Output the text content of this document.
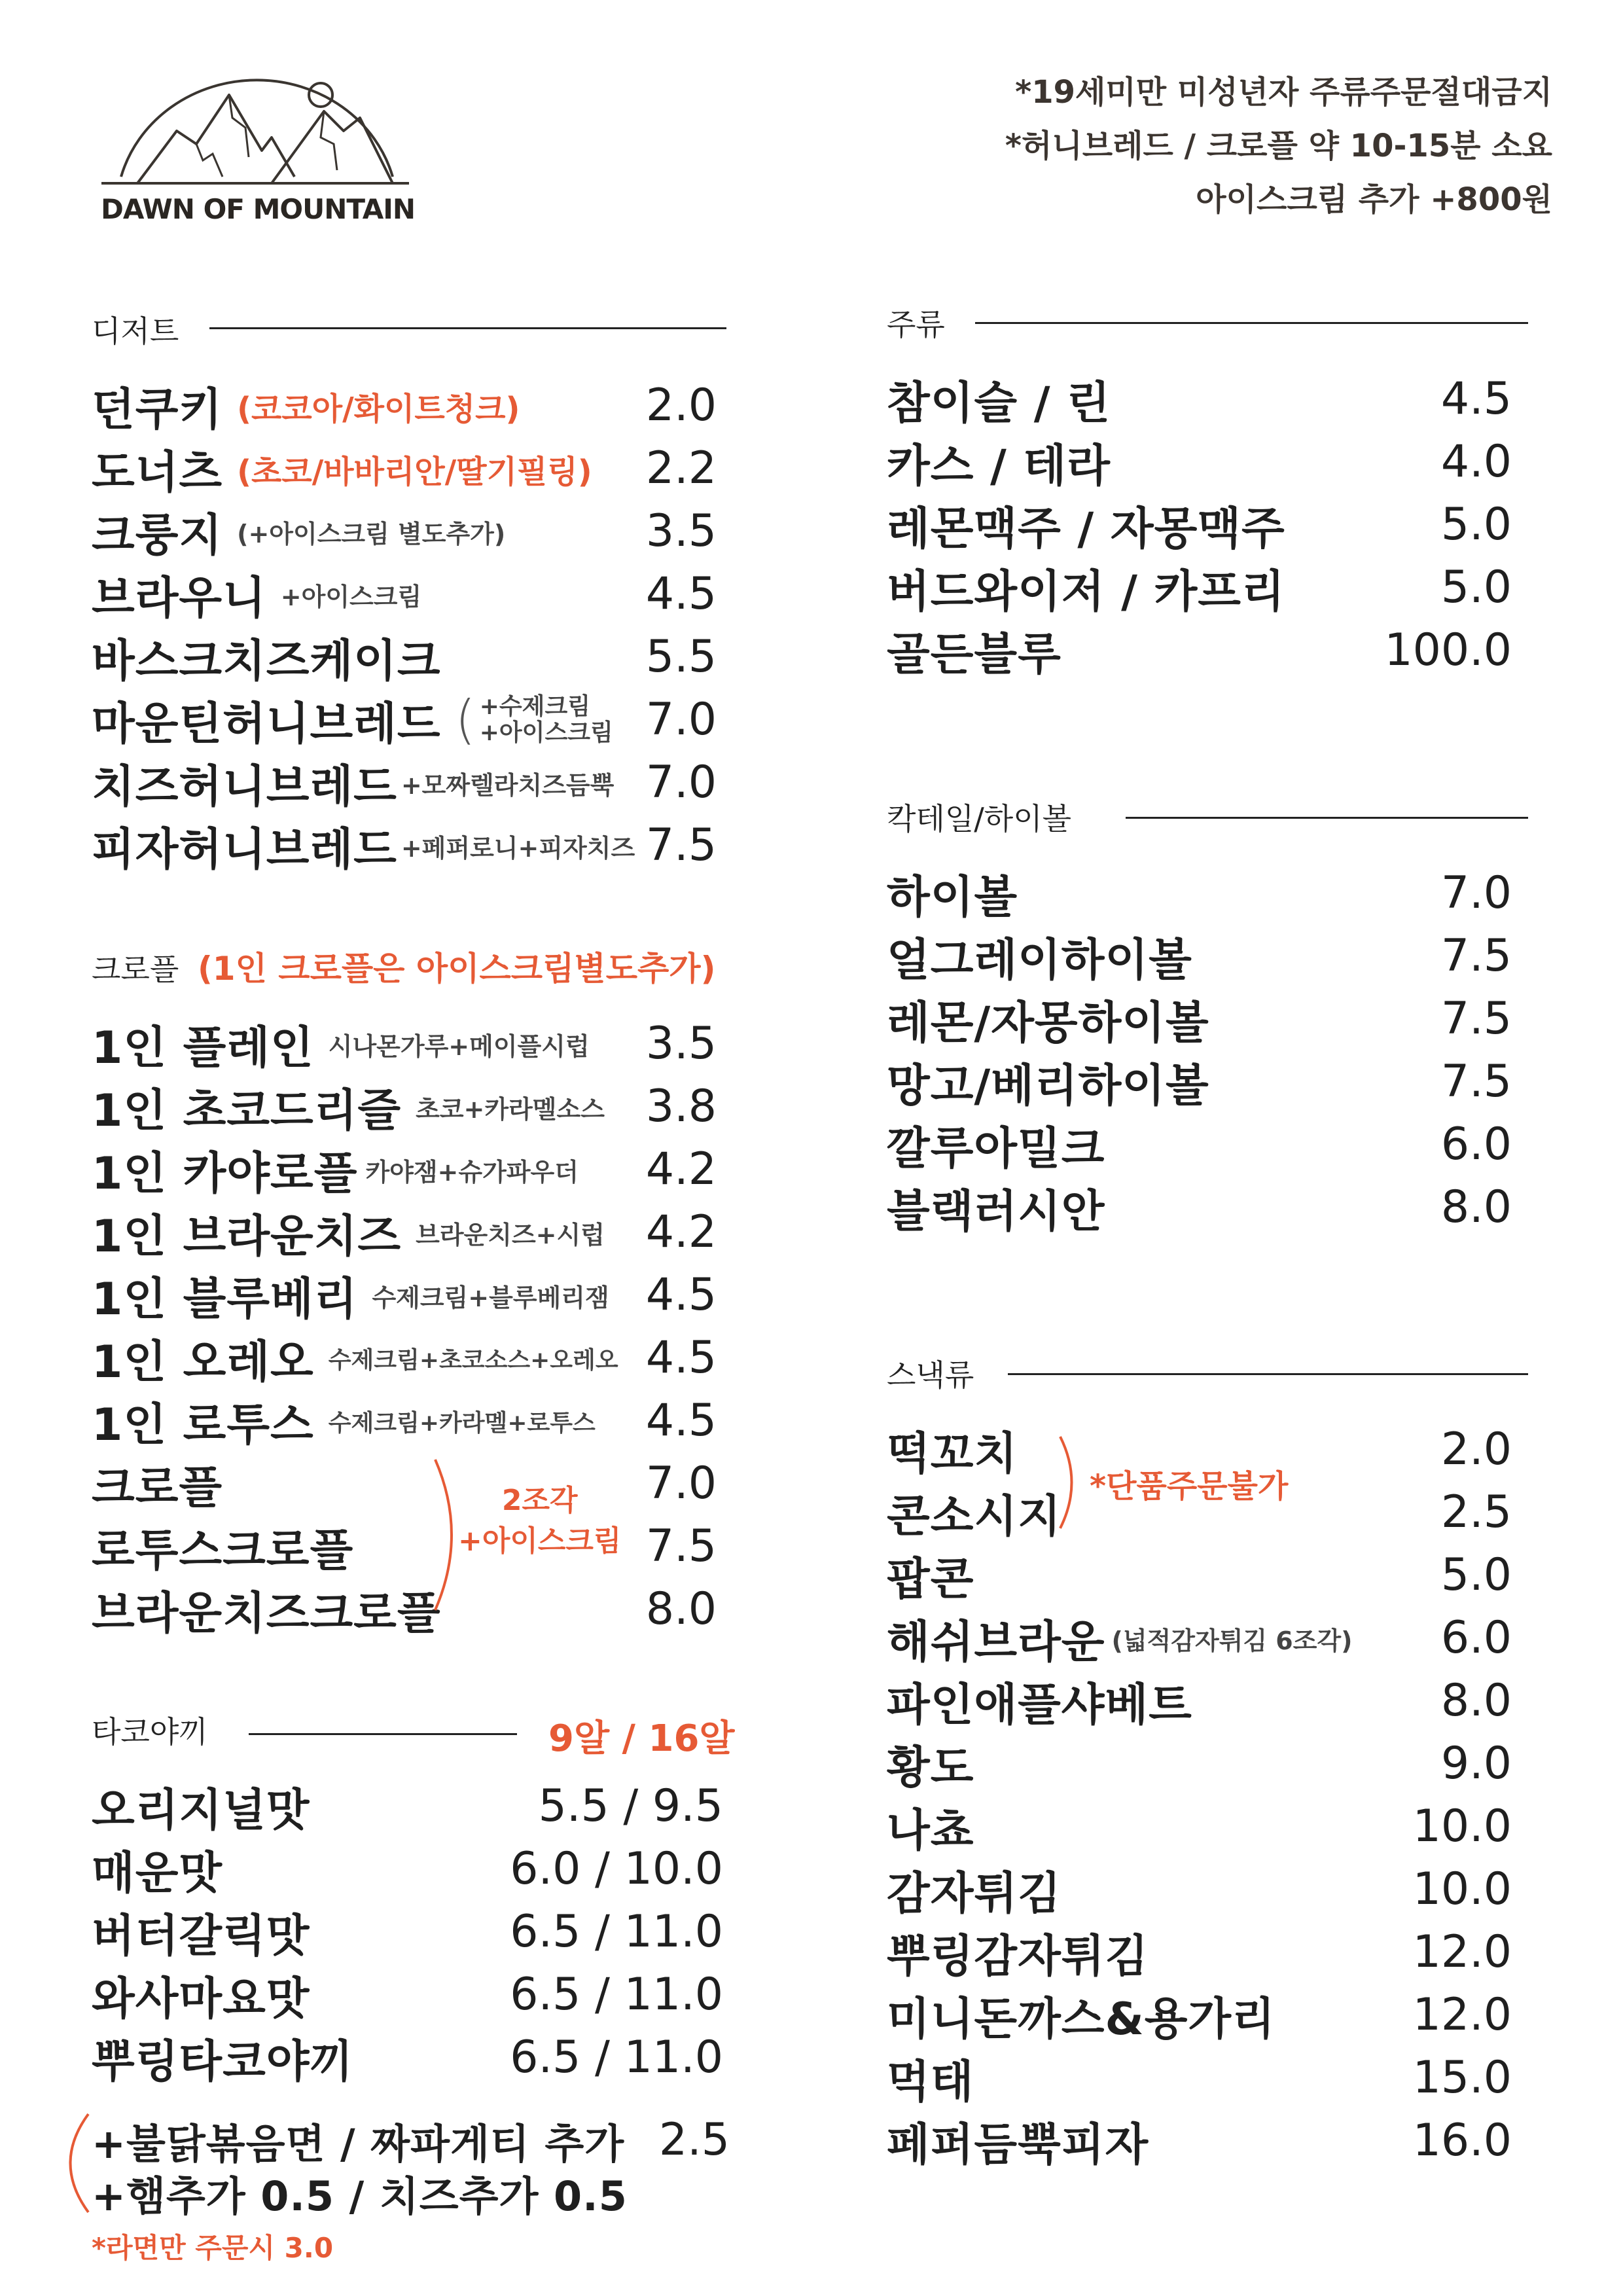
DAWN OF MOUNTAIN
*19세미만 미성년자 주류주문절대금지
*허니브레드 / 크로플 약 10-15분 소요
아이스크림 추가 +800원
디저트
던쿠키 (코코아/화이트청크)	2.0
도너츠 (초코/바바리안/딸기필링) 2.2
크룽지 (+아이스크림 별도추가)	3.5
브라우니 +아이스크림	4.5
바스크치즈케이크	5.5
마운틴허니브레드 ( +수제크림
+아이스크림 7.0
치즈허니브레드 +모짜렐라치즈듬뿍 7.0
피자허니브레드 +페퍼로니+피자치즈 7.5
크로플 (1인 크로플은 아이스크림별도추가)
1인 플레인 시나몬가루+메이플시럽 3.5
1인 초코드리즐 초코+카라멜소스 3.8
1인 카야로플 카야잼+슈가파우더 4.2
1인 브라운치즈 브라운치즈+시럽 4.2
1인 블루베리 수제크림+블루베리잼 4.5
1인 오레오 수제크림+초코소스+오레오 4.5
1인 로투스 수제크림+카라멜+로투스 4.5
크로플	7.0
로투스크로플	7.5
브라운치즈크로플	8.0
2조각
+아이스크림
타코야끼	9알 / 16알
오리지널맛	5.5 / 9.5
매운맛	6.0 / 10.0
버터갈릭맛	6.5 / 11.0
와사마요맛	6.5 / 11.0
뿌링타코야끼	6.5 / 11.0
+불닭볶음면 / 짜파게티 추가 2.5
+햄추가 0.5 / 치즈추가 0.5
*라면만 주문시 3.0
주류
참이슬 / 린	4.5
카스 / 테라	4.0
레몬맥주 / 자몽맥주	5.0
버드와이저 / 카프리	5.0
골든블루	100.0
칵테일/하이볼
하이볼	7.0
얼그레이하이볼	7.5
레몬/자몽하이볼	7.5
망고/베리하이볼	7.5
깔루아밀크	6.0
블랙러시안	8.0
스낵류
떡꼬치	2.0
콘소시지	2.5
*단품주문불가
팝콘	5.0
해쉬브라운 (넓적감자튀김 6조각) 6.0
파인애플샤베트	8.0
황도	9.0
나쵸	10.0
감자튀김	10.0
뿌링감자튀김	12.0
미니돈까스&용가리	12.0
먹태	15.0
페퍼듬뿍피자	16.0
